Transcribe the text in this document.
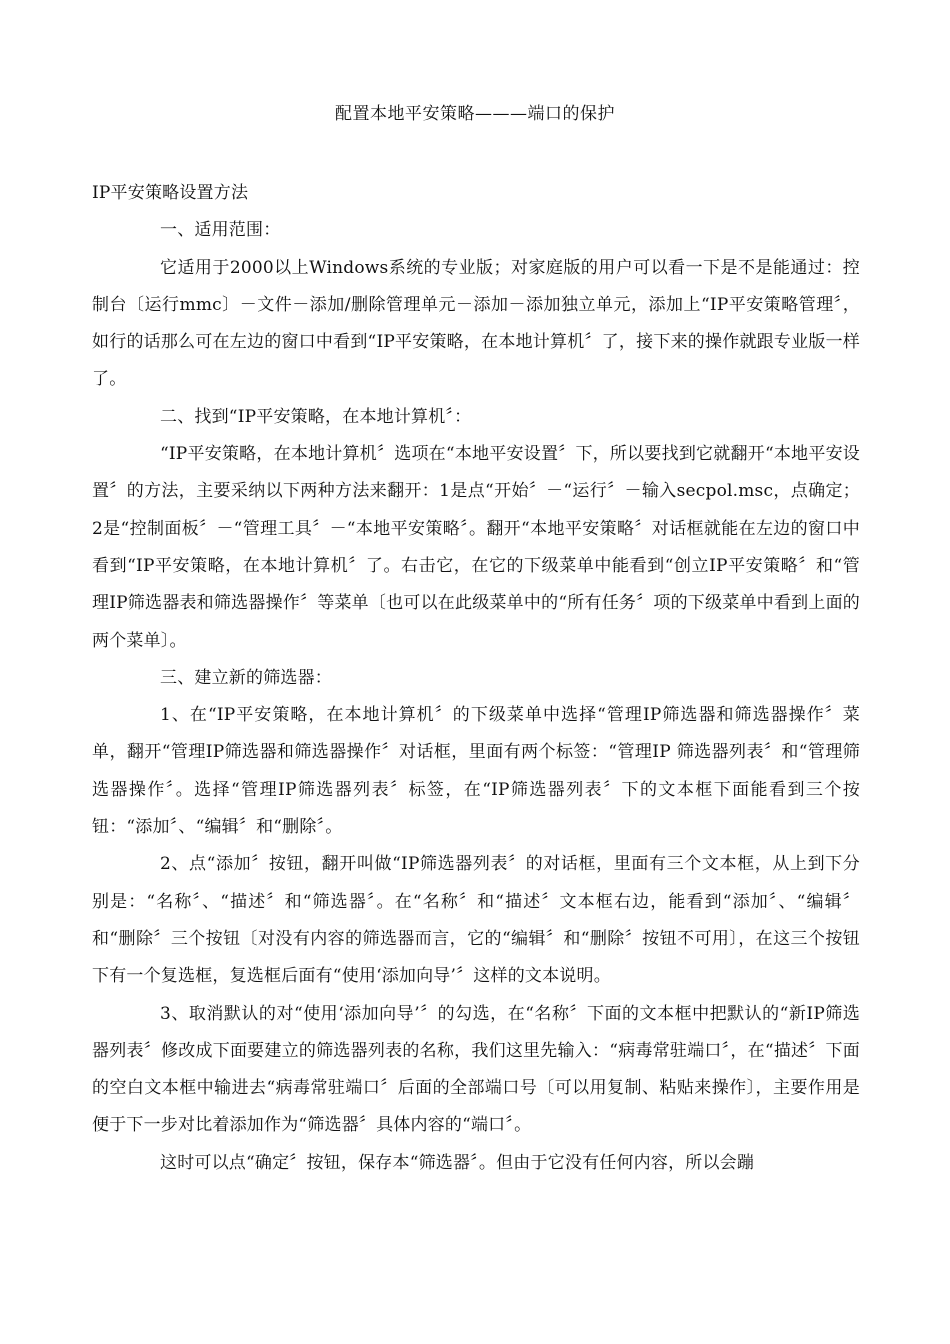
配置本地平安策略———端口的保护

IP平安策略设置方法

一、适用范围：

它适用于2000以上Windows系统的专业版；对家庭版的用户可以看一下是不是能通过：控制台〔运行mmc〕－文件－添加/删除管理单元－添加－添加独立单元，添加上“IP平安策略管理〞，如行的话那么可在左边的窗口中看到“IP平安策略，在本地计算机〞了，接下来的操作就跟专业版一样了。

二、找到“IP平安策略，在本地计算机〞：

“IP平安策略，在本地计算机〞选项在“本地平安设置〞下，所以要找到它就翻开“本地平安设置〞的方法，主要采纳以下两种方法来翻开：1是点“开始〞－“运行〞－输入secpol.msc，点确定；2是“控制面板〞－“管理工具〞－“本地平安策略〞。翻开“本地平安策略〞对话框就能在左边的窗口中看到“IP平安策略，在本地计算机〞了。右击它，在它的下级菜单中能看到“创立IP平安策略〞和“管理IP筛选器表和筛选器操作〞等菜单〔也可以在此级菜单中的“所有任务〞项的下级菜单中看到上面的两个菜单〕。

三、建立新的筛选器：

1、在“IP平安策略，在本地计算机〞的下级菜单中选择“管理IP筛选器和筛选器操作〞菜单，翻开“管理IP筛选器和筛选器操作〞对话框，里面有两个标签：“管理IP 筛选器列表〞和“管理筛选器操作〞。选择“管理IP筛选器列表〞标签，在“IP筛选器列表〞下的文本框下面能看到三个按钮：“添加〞、“编辑〞和“删除〞。

2、点“添加〞按钮，翻开叫做“IP筛选器列表〞的对话框，里面有三个文本框，从上到下分别是：“名称〞、“描述〞和“筛选器〞。在“名称〞和“描述〞文本框右边，能看到“添加〞、“编辑〞和“删除〞三个按钮〔对没有内容的筛选器而言，它的“编辑〞和“删除〞按钮不可用〕，在这三个按钮下有一个复选框，复选框后面有“使用‘添加向导’〞这样的文本说明。

3、取消默认的对“使用‘添加向导’〞的勾选，在“名称〞下面的文本框中把默认的“新IP筛选器列表〞修改成下面要建立的筛选器列表的名称，我们这里先输入：“病毒常驻端口〞，在“描述〞下面的空白文本框中输进去“病毒常驻端口〞后面的全部端口号〔可以用复制、粘贴来操作〕，主要作用是便于下一步对比着添加作为“筛选器〞具体内容的“端口〞。

这时可以点“确定〞按钮，保存本“筛选器〞。但由于它没有任何内容，所以会蹦
